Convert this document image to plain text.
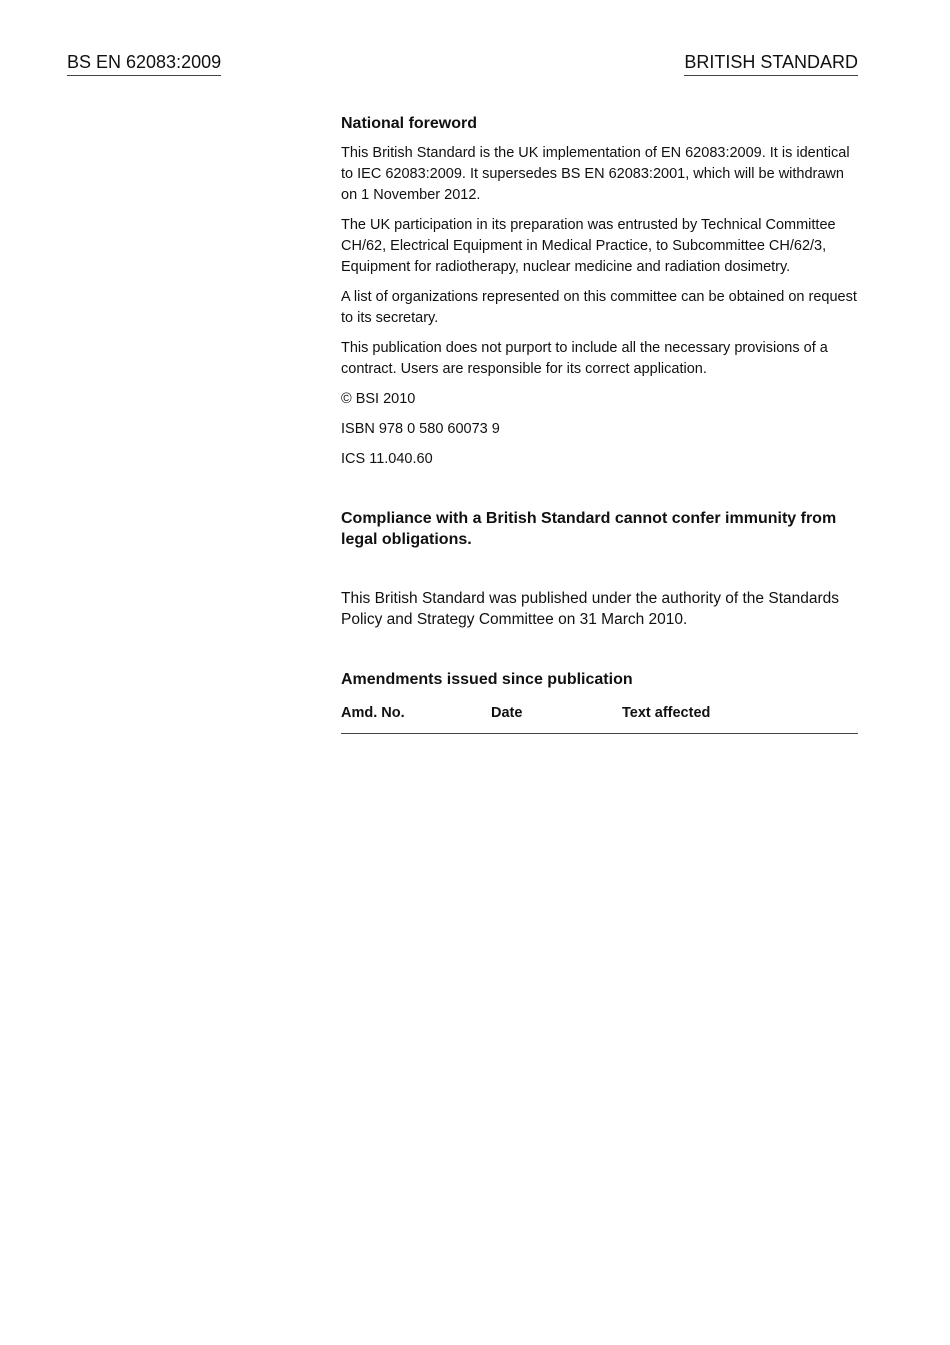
BS EN 62083:2009	BRITISH STANDARD
National foreword

This British Standard is the UK implementation of EN 62083:2009. It is identical to IEC 62083:2009. It supersedes BS EN 62083:2001, which will be withdrawn on 1 November 2012.

The UK participation in its preparation was entrusted by Technical Committee CH/62, Electrical Equipment in Medical Practice, to Subcommittee CH/62/3, Equipment for radiotherapy, nuclear medicine and radiation dosimetry.

A list of organizations represented on this committee can be obtained on request to its secretary.

This publication does not purport to include all the necessary provisions of a contract. Users are responsible for its correct application.

© BSI 2010

ISBN 978 0 580 60073 9

ICS 11.040.60

Compliance with a British Standard cannot confer immunity from legal obligations.

This British Standard was published under the authority of the Standards Policy and Strategy Committee on 31 March 2010.

Amendments issued since publication
Amd. No.	Date	Text affected
